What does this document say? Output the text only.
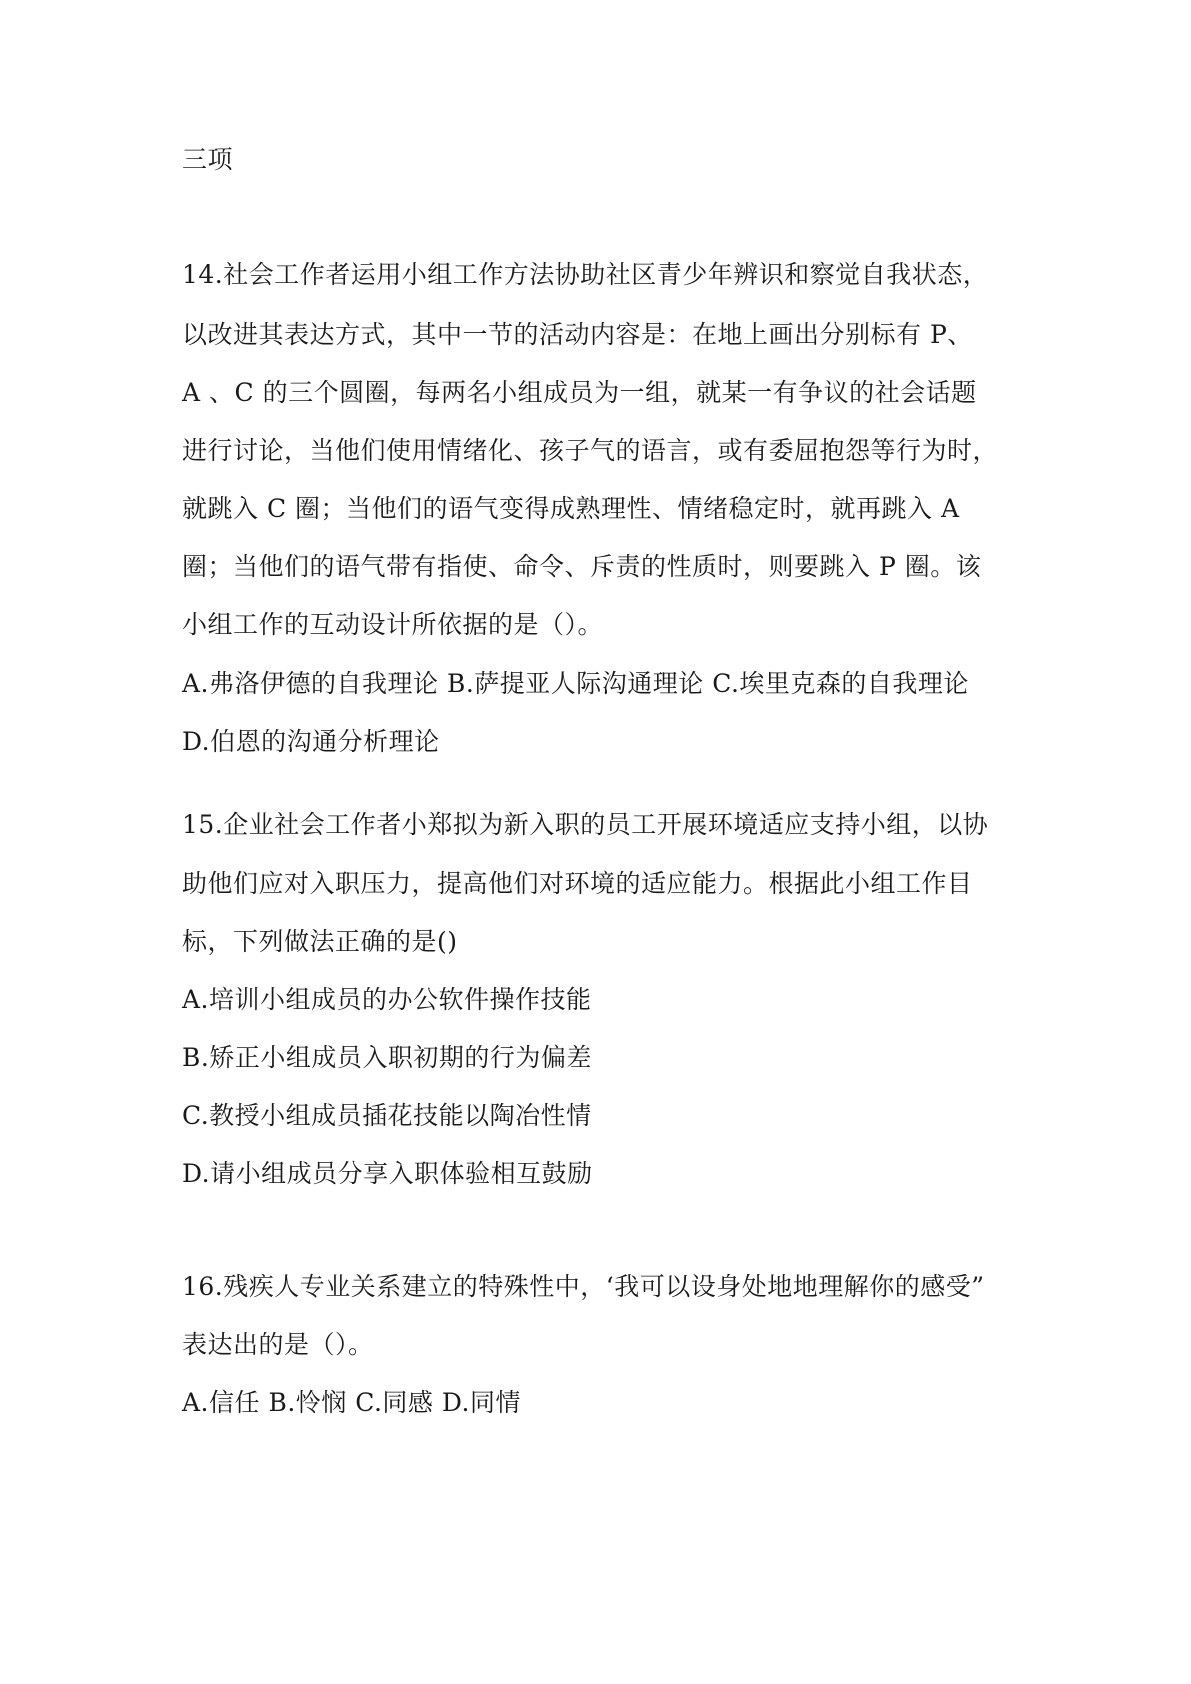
三项
14.社会工作者运用小组工作方法协助社区青少年辨识和察觉自我状态，
以改进其表达方式，其中一节的活动内容是：在地上画出分别标有 P、
A 、C 的三个圆圈，每两名小组成员为一组，就某一有争议的社会话题
进行讨论，当他们使用情绪化、孩子气的语言，或有委屈抱怨等行为时，
就跳入 C 圈；当他们的语气变得成熟理性、情绪稳定时，就再跳入 A
圈；当他们的语气带有指使、命令、斥责的性质时，则要跳入 P 圈。该
小组工作的互动设计所依据的是（）。
A.弗洛伊德的自我理论 B.萨提亚人际沟通理论 C.埃里克森的自我理论
D.伯恩的沟通分析理论
15.企业社会工作者小郑拟为新入职的员工开展环境适应支持小组，以协
助他们应对入职压力，提高他们对环境的适应能力。根据此小组工作目
标，下列做法正确的是()
A.培训小组成员的办公软件操作技能
B.矫正小组成员入职初期的行为偏差
C.教授小组成员插花技能以陶冶性情
D.请小组成员分享入职体验相互鼓励
16.残疾人专业关系建立的特殊性中，‘我可以设身处地地理解你的感受”
表达出的是（）。
A.信任 B.怜悯 C.同感 D.同情
